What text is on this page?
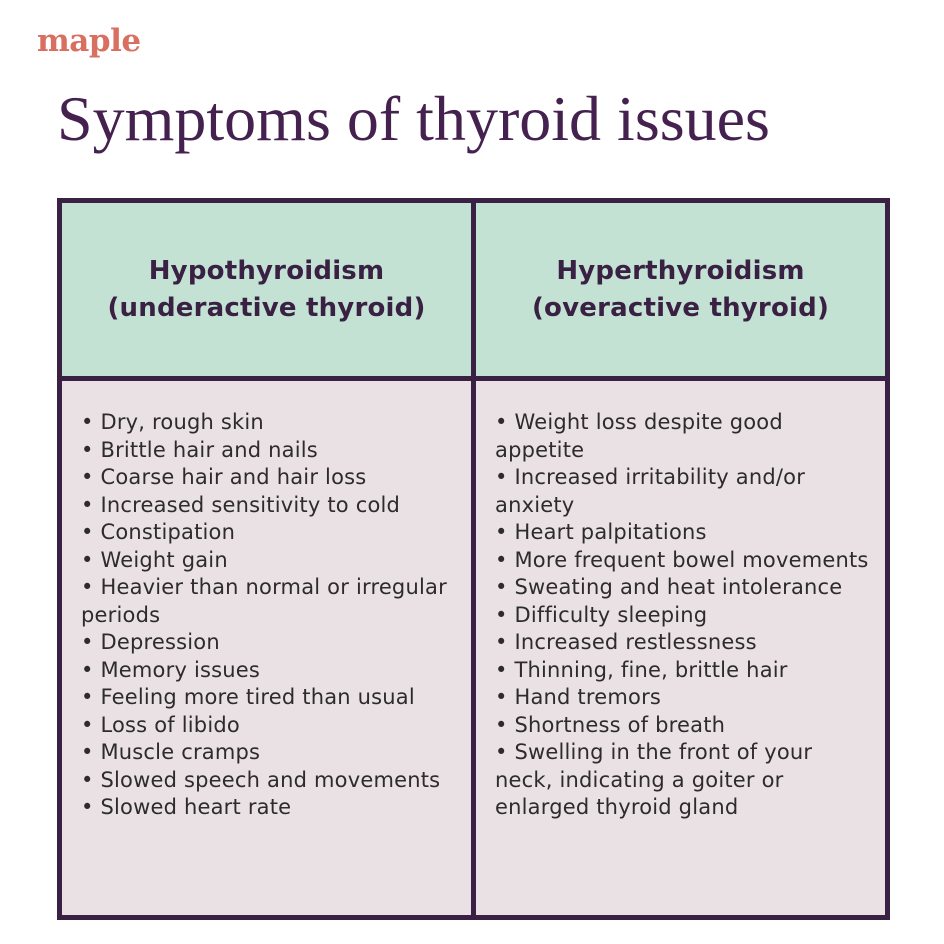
maple
Symptoms of thyroid issues
Hypothyroidism
(underactive thyroid)
• Dry, rough skin
• Brittle hair and nails
• Coarse hair and hair loss
• Increased sensitivity to cold
• Constipation
• Weight gain
• Heavier than normal or irregular periods
• Depression
• Memory issues
• Feeling more tired than usual
• Loss of libido
• Muscle cramps
• Slowed speech and movements
• Slowed heart rate
Hyperthyroidism
(overactive thyroid)
• Weight loss despite good appetite
• Increased irritability and/or anxiety
• Heart palpitations
• More frequent bowel movements
• Sweating and heat intolerance
• Difficulty sleeping
• Increased restlessness
• Thinning, fine, brittle hair
• Hand tremors
• Shortness of breath
• Swelling in the front of your neck, indicating a goiter or enlarged thyroid gland
